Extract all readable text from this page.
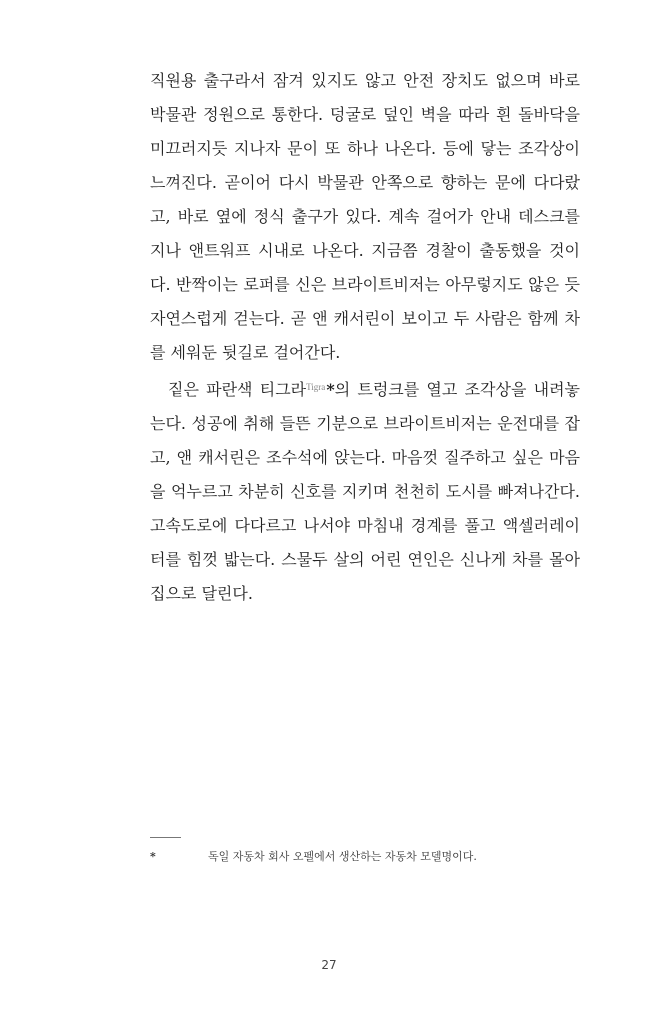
직원용 출구라서 잠겨 있지도 않고 안전 장치도 없으며 바로 박물관 정원으로 통한다. 덩굴로 덮인 벽을 따라 흰 돌바닥을 미끄러지듯 지나자 문이 또 하나 나온다. 등에 닿는 조각상이 느껴진다. 곧이어 다시 박물관 안쪽으로 향하는 문에 다다랐고, 바로 옆에 정식 출구가 있다. 계속 걸어가 안내 데스크를 지나 앤트워프 시내로 나온다. 지금쯤 경찰이 출동했을 것이다. 반짝이는 로퍼를 신은 브라이트비저는 아무렇지도 않은 듯 자연스럽게 걷는다. 곧 앤 캐서린이 보이고 두 사람은 함께 차를 세워둔 뒷길로 걸어간다.

짙은 파란색 티그라$^{Tigra}$*의 트렁크를 열고 조각상을 내려놓는다. 성공에 취해 들뜬 기분으로 브라이트비저는 운전대를 잡고, 앤 캐서린은 조수석에 앉는다. 마음껏 질주하고 싶은 마음을 억누르고 차분히 신호를 지키며 천천히 도시를 빠져나간다. 고속도로에 다다르고 나서야 마침내 경계를 풀고 액셀러레이터를 힘껏 밟는다. 스물두 살의 어린 연인은 신나게 차를 몰아 집으로 달린다.

*	독일 자동차 회사 오펠에서 생산하는 자동차 모델명이다.
27
